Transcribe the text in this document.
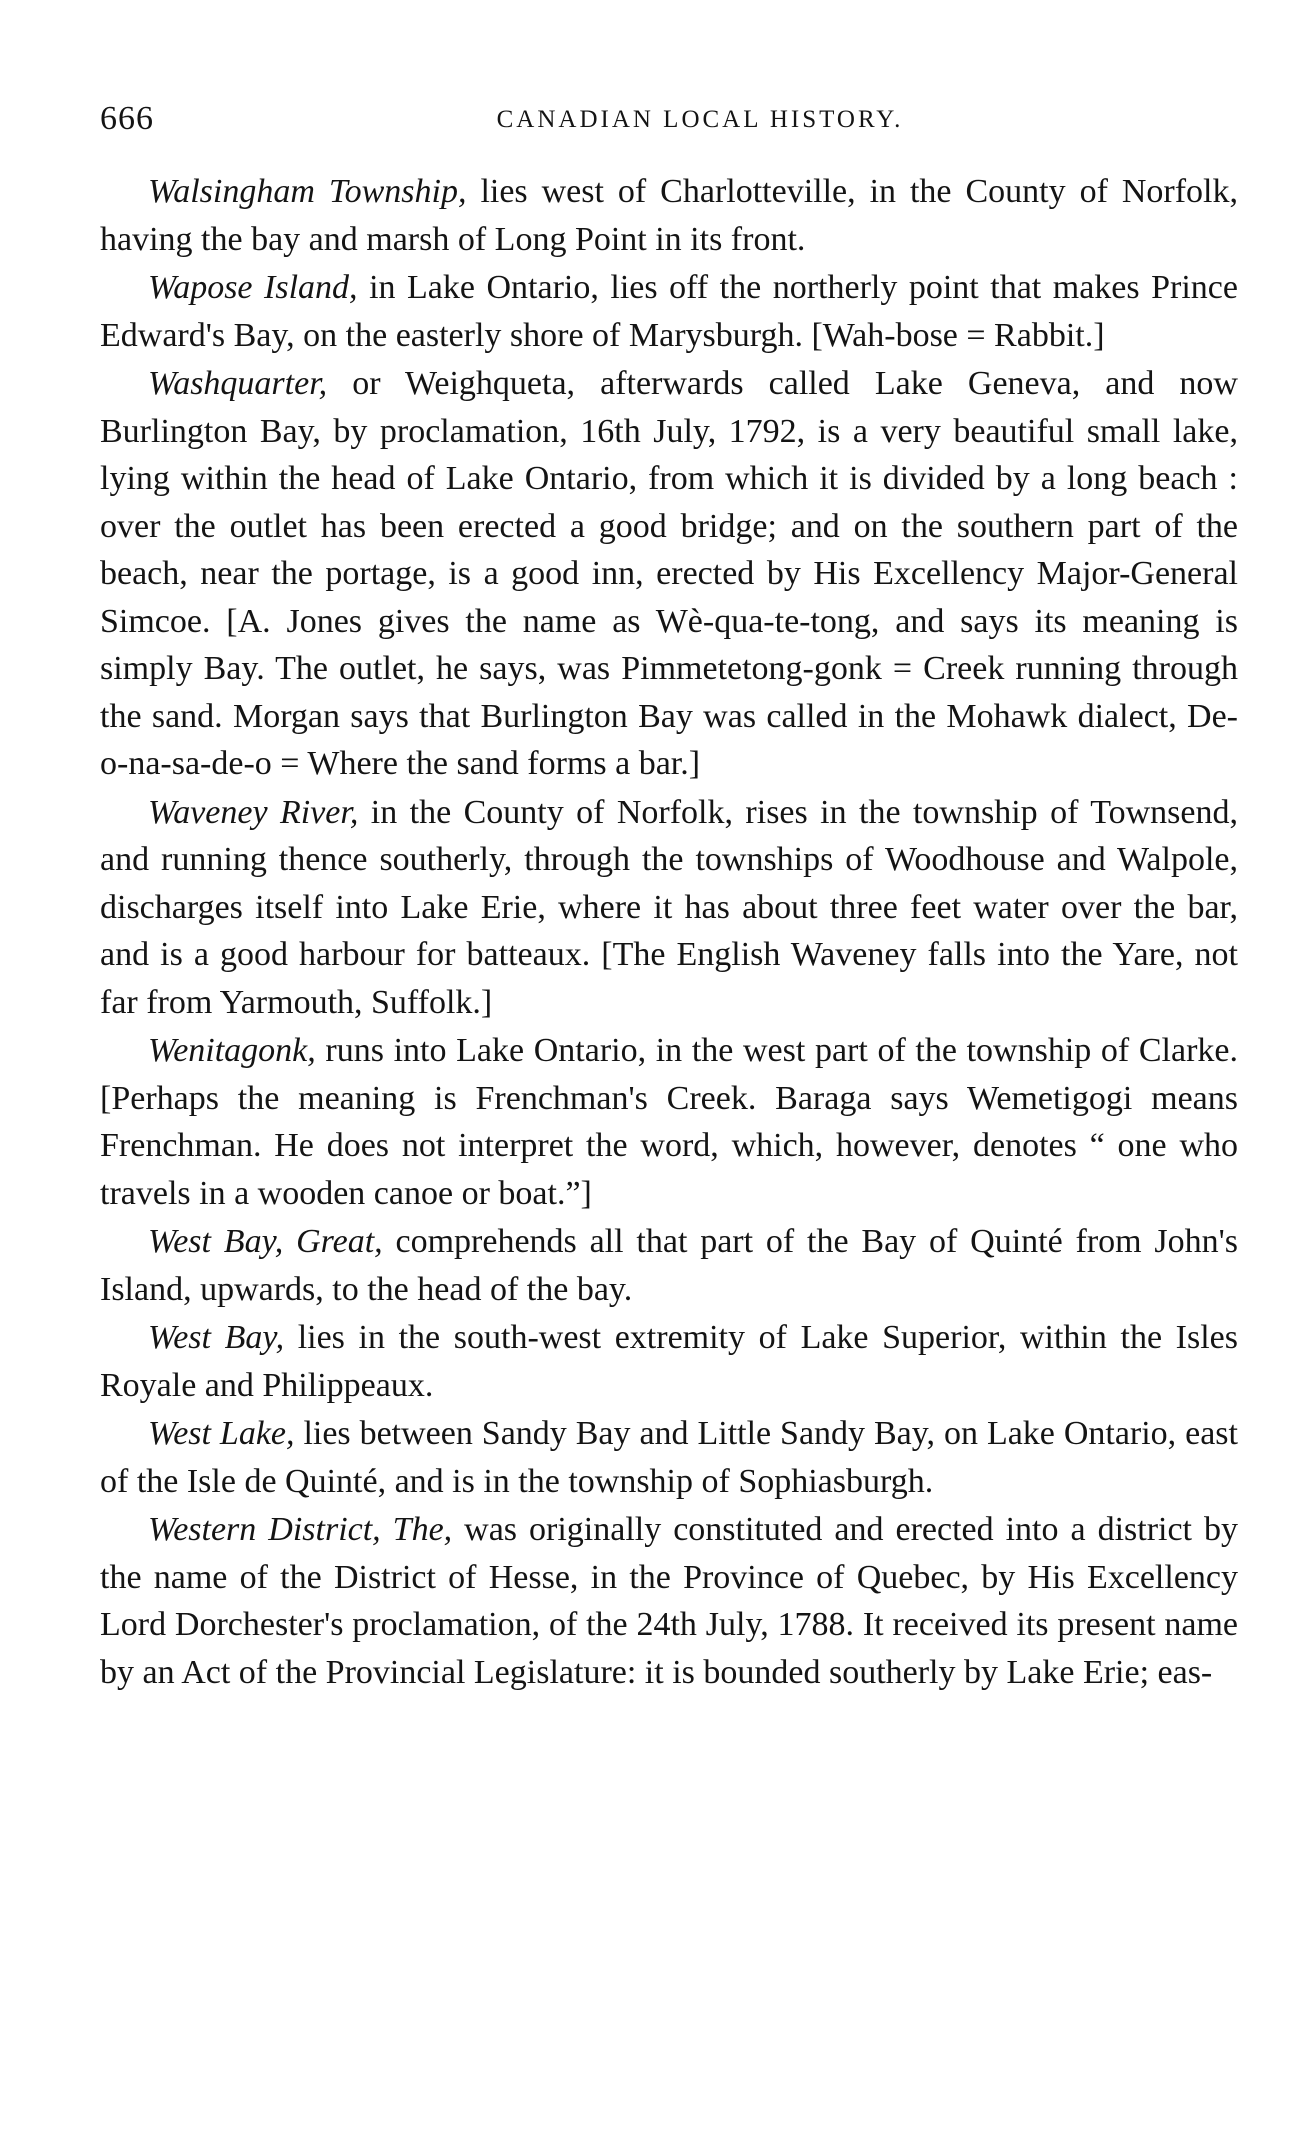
666	CANADIAN LOCAL HISTORY.

Walsingham Township, lies west of Charlotteville, in the County of Norfolk, having the bay and marsh of Long Point in its front.

Wapose Island, in Lake Ontario, lies off the northerly point that makes Prince Edward's Bay, on the easterly shore of Marysburgh. [Wah-bose = Rabbit.]

Washquarter, or Weighqueta, afterwards called Lake Geneva, and now Burlington Bay, by proclamation, 16th July, 1792, is a very beautiful small lake, lying within the head of Lake Ontario, from which it is divided by a long beach : over the outlet has been erected a good bridge; and on the southern part of the beach, near the portage, is a good inn, erected by His Excellency Major-General Simcoe. [A. Jones gives the name as Wè-qua-te-tong, and says its meaning is simply Bay. The outlet, he says, was Pimmetetong-gonk = Creek running through the sand. Morgan says that Burlington Bay was called in the Mohawk dialect, De-o-na-sa-de-o = Where the sand forms a bar.]

Waveney River, in the County of Norfolk, rises in the township of Townsend, and running thence southerly, through the townships of Woodhouse and Walpole, discharges itself into Lake Erie, where it has about three feet water over the bar, and is a good harbour for batteaux. [The English Waveney falls into the Yare, not far from Yarmouth, Suffolk.]

Wenitagonk, runs into Lake Ontario, in the west part of the township of Clarke. [Perhaps the meaning is Frenchman's Creek. Baraga says Wemetigogi means Frenchman. He does not interpret the word, which, however, denotes “ one who travels in a wooden canoe or boat.”]

West Bay, Great, comprehends all that part of the Bay of Quinté from John's Island, upwards, to the head of the bay.

West Bay, lies in the south-west extremity of Lake Superior, within the Isles Royale and Philippeaux.

West Lake, lies between Sandy Bay and Little Sandy Bay, on Lake Ontario, east of the Isle de Quinté, and is in the township of Sophiasburgh.

Western District, The, was originally constituted and erected into a district by the name of the District of Hesse, in the Province of Quebec, by His Excellency Lord Dorchester's proclamation, of the 24th July, 1788. It received its present name by an Act of the Provincial Legislature: it is bounded southerly by Lake Erie; eas-
